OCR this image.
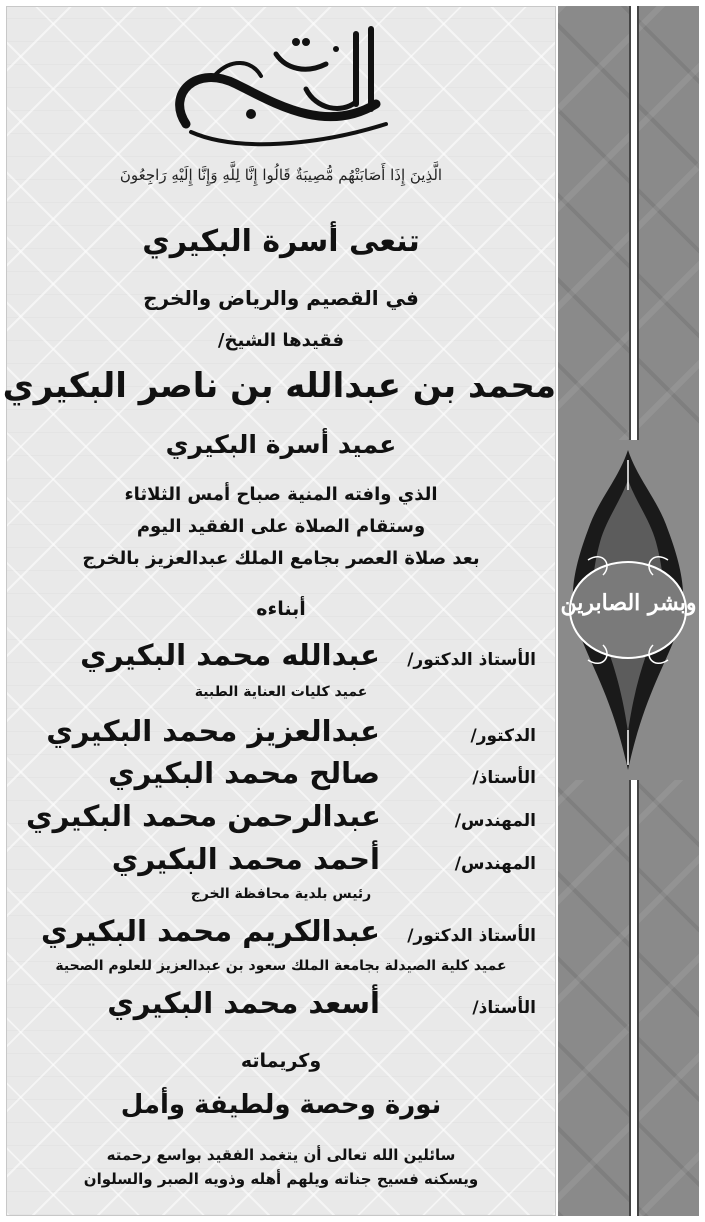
وبشر الصابرين
الَّذِينَ إِذَا أَصَابَتْهُم مُّصِيبَةٌ قَالُوا إِنَّا لِلَّهِ وَإِنَّا إِلَيْهِ رَاجِعُونَ
تنعى أسرة البكيري
في القصيم والرياض والخرج
فقيدها الشيخ/
محمد بن عبدالله بن ناصر البكيري
عميد أسرة البكيري
الذي وافته المنية صباح أمس الثلاثاء
وستقام الصلاة على الفقيد اليوم
بعد صلاة العصر بجامع الملك عبدالعزيز بالخرج
أبناءه
الأستاذ الدكتور/
عبدالله محمد البكيري
عميد كليات العناية الطبية
الدكتور/
عبدالعزيز محمد البكيري
الأستاذ/
صالح محمد البكيري
المهندس/
عبدالرحمن محمد البكيري
المهندس/
أحمد محمد البكيري
رئيس بلدية محافظة الخرج
الأستاذ الدكتور/
عبدالكريم محمد البكيري
عميد كلية الصيدلة بجامعة الملك سعود بن عبدالعزيز للعلوم الصحية
الأستاذ/
أسعد محمد البكيري
وكريماته
نورة وحصة ولطيفة وأمل
سائلين الله تعالى أن يتغمد الفقيد بواسع رحمته
ويسكنه فسيح جناته ويلهم أهله وذويه الصبر والسلوان
